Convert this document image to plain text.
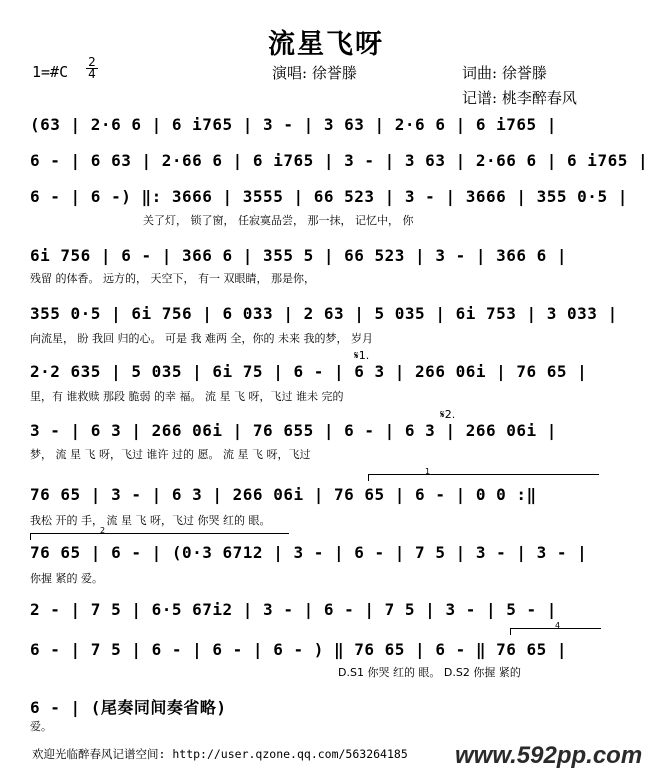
流星飞呀
1=#C $\frac{2}{4}$	演唱: 徐誉滕	词曲: 徐誉滕
记谱: 桃李醉春风
(63 | 2·6 6 | 6 i765 | 3 - | 3 63 | 2·6 6 | 6 i765 |
6 - | 6 63 | 2·66 6 | 6 i765 | 3 - | 3 63 | 2·66 6 | 6 i765 |
6 - | 6 -) ‖: 3666 | 3555 | 66 523 | 3 - | 3666 | 355 0·5 |
关了灯， 锁了窗， 任寂寞品尝， 那一抹， 记忆中， 你
6i 756 | 6 - | 366 6 | 355 5 | 66 523 | 3 - | 366 6 |
残留 的体香。 远方的， 天空下， 有一 双眼睛， 那是你，
355 0·5 | 6i 756 | 6 033 | 2 63 | 5 035 | 6i 753 | 3 033 |
向流星， 盼 我回 归的心。 可是 我 难两 全，你的 未来 我的梦， 岁月
𝄋1.
2·2 635 | 5 035 | 6i 75 | 6 - | 6 3 | 266 06i | 76 65 |
里，有 谁救赎 那段 脆弱 的幸 福。 流 星 飞 呀，飞过 谁未 完的
𝄋2.
3 - | 6 3 | 266 06i | 76 655 | 6 - | 6 3 | 266 06i |
梦， 流 星 飞 呀，飞过 谁许 过的 愿。 流 星 飞 呀，飞过
1
76 65 | 3 - | 6 3 | 266 06i | 76 65 | 6 - | 0 0 :‖
我松 开的 手， 流 星 飞 呀，飞过 你哭 红的 眼。
2
76 65 | 6 - | (0·3 6712 | 3 - | 6 - | 7 5 | 3 - | 3 - |
你握 紧的 爱。
2 - | 7 5 | 6·5 67i2 | 3 - | 6 - | 7 5 | 3 - | 5 - |
4
6 - | 7 5 | 6 - | 6 - | 6 - ) ‖ 76 65 | 6 - ‖ 76 65 |
D.S1 你哭 红的 眼。 D.S2 你握 紧的
6 - | (尾奏同间奏省略)
爱。
欢迎光临醉春风记谱空间: http://user.qzone.qq.com/563264185 www.592pp.com
